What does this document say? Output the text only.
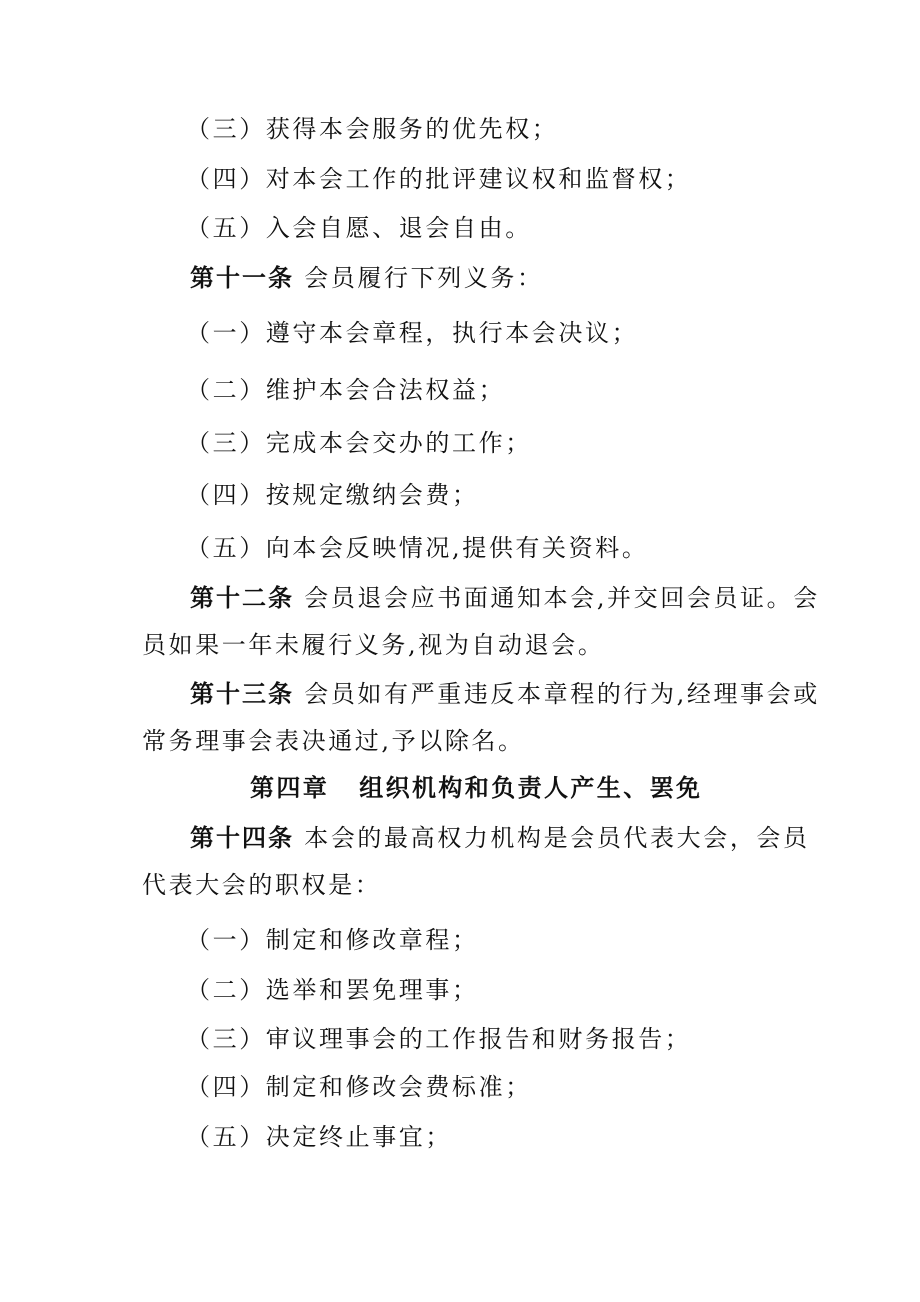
（三）获得本会服务的优先权；
（四）对本会工作的批评建议权和监督权；
（五）入会自愿、退会自由。
第十一条 会员履行下列义务：
（一）遵守本会章程，执行本会决议；
（二）维护本会合法权益；
（三）完成本会交办的工作；
（四）按规定缴纳会费；
（五）向本会反映情况,提供有关资料。
第十二条 会员退会应书面通知本会,并交回会员证。会
员如果一年未履行义务,视为自动退会。
第十三条 会员如有严重违反本章程的行为,经理事会或
常务理事会表决通过,予以除名。
第四章 组织机构和负责人产生、罢免
第十四条 本会的最高权力机构是会员代表大会，会员
代表大会的职权是：
（一）制定和修改章程；
（二）选举和罢免理事；
（三）审议理事会的工作报告和财务报告；
（四）制定和修改会费标准；
（五）决定终止事宜；
